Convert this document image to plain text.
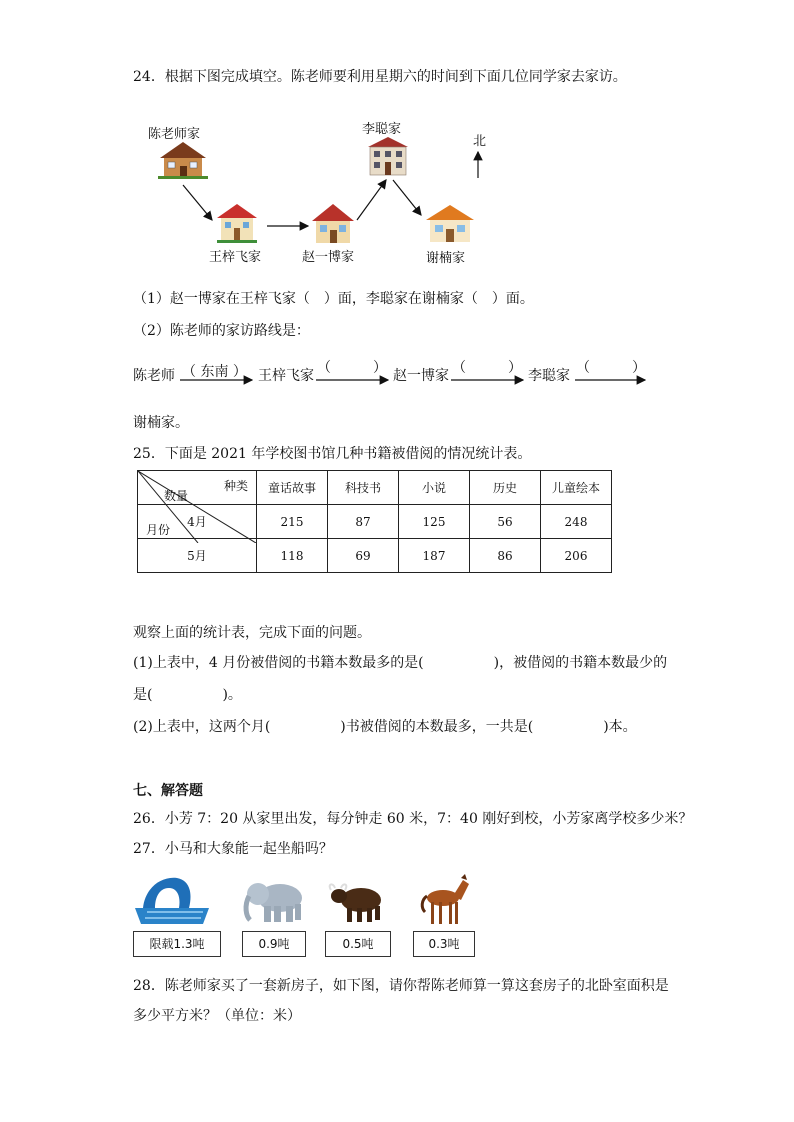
24．根据下图完成填空。陈老师要利用星期六的时间到下面几位同学家去家访。
陈老师家
王梓飞家	赵一博家
李聪家
北
谢楠家
（1）赵一博家在王梓飞家（　）面，李聪家在谢楠家（　）面。
（2）陈老师的家访路线是：
陈老师 （ 东南 ） 王梓飞家 （　　　） 赵一博家 （　　　） 李聪家 （　　　）
谢楠家。
25．下面是 2021 年学校图书馆几种书籍被借阅的情况统计表。
种类
数量
月份	童话故事	科技书	小说	历史	儿童绘本
4月	215	87	125	56	248
5月	118	69	187	86	206
观察上面的统计表，完成下面的问题。
(1)上表中，4 月份被借阅的书籍本数最多的是(　　　　　)，被借阅的书籍本数最少的
是(　　　　　)。
(2)上表中，这两个月(　　　　　)书被借阅的本数最多，一共是(　　　　　)本。
七、解答题
26．小芳 7：20 从家里出发，每分钟走 60 米，7：40 刚好到校，小芳家离学校多少米？
27．小马和大象能一起坐船吗？
限载1.3吨	0.9吨	0.5吨	0.3吨
28．陈老师家买了一套新房子，如下图，请你帮陈老师算一算这套房子的北卧室面积是
多少平方米？（单位：米）
